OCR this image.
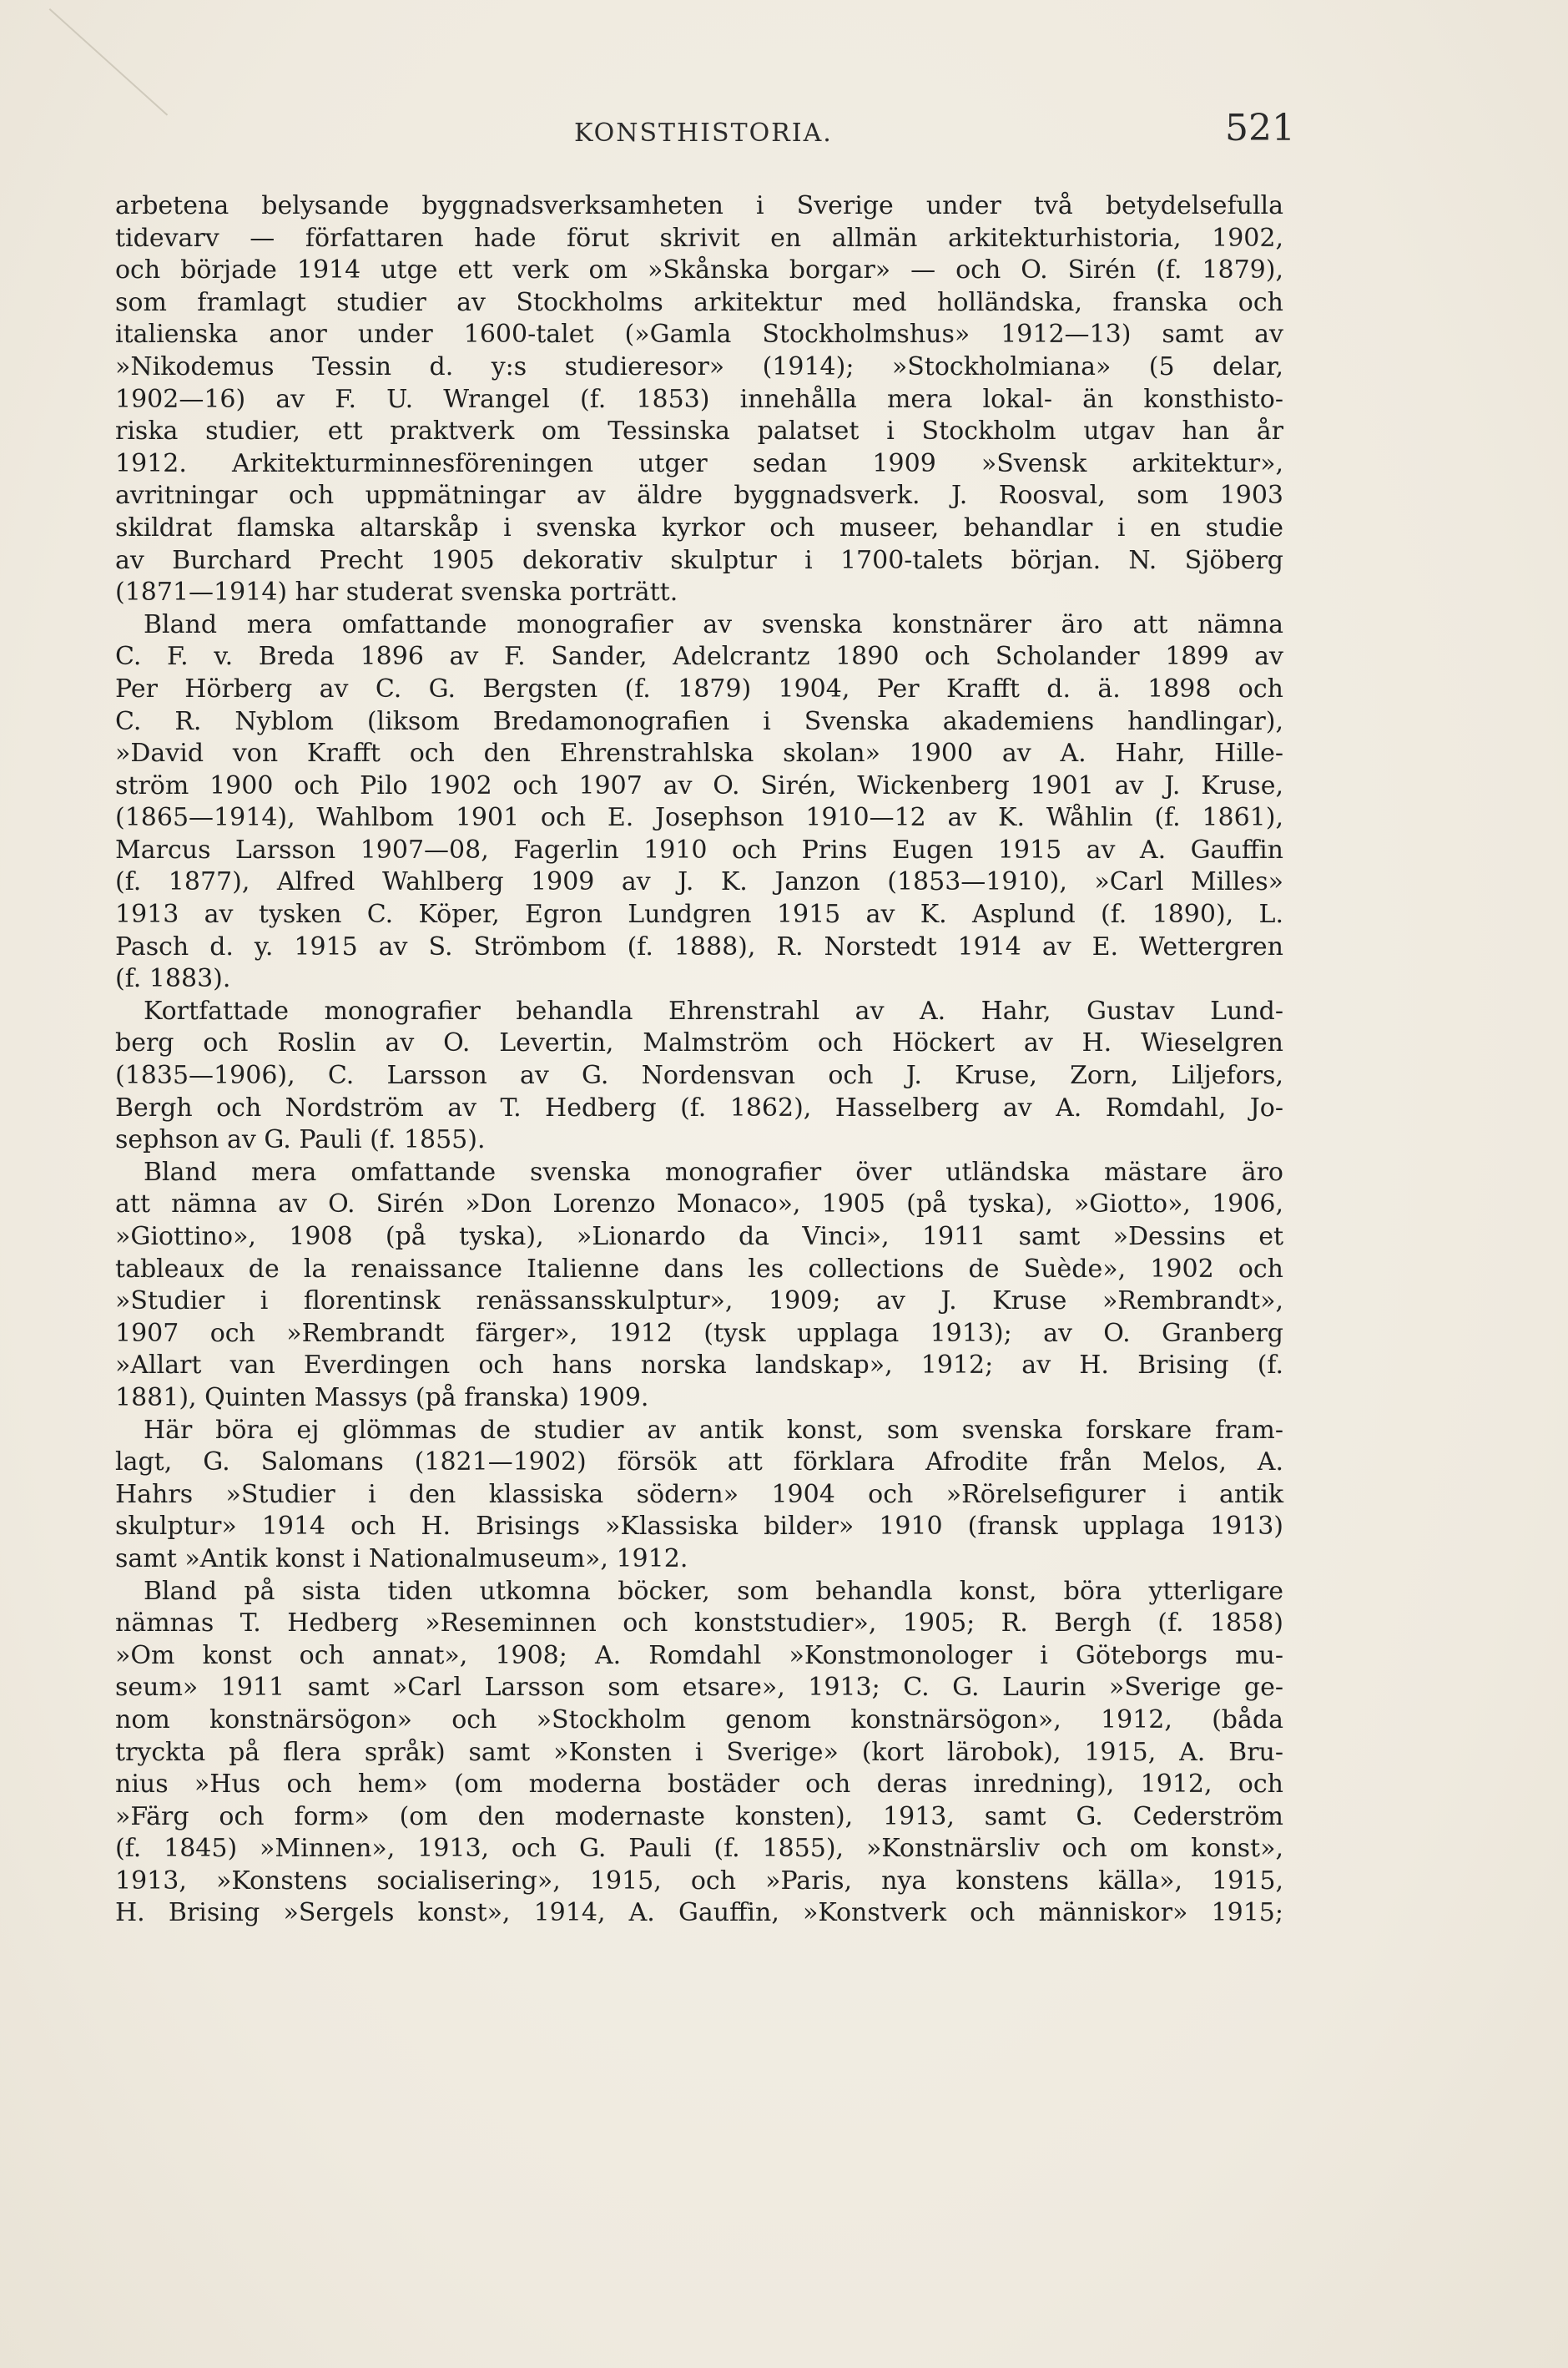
KONSTHISTORIA.	521
arbetena belysande byggnadsverksamheten i Sverige under två betydelsefulla
tidevarv — författaren hade förut skrivit en allmän arkitekturhistoria, 1902,
och började 1914 utge ett verk om »Skånska borgar» — och O. Sirén (f. 1879),
som framlagt studier av Stockholms arkitektur med holländska, franska och
italienska anor under 1600-talet (»Gamla Stockholmshus» 1912—13) samt av
»Nikodemus Tessin d. y:s studieresor» (1914); »Stockholmiana» (5 delar,
1902—16) av F. U. Wrangel (f. 1853) innehålla mera lokal- än konsthisto-
riska studier, ett praktverk om Tessinska palatset i Stockholm utgav han år
1912. Arkitekturminnesföreningen utger sedan 1909 »Svensk arkitektur»,
avritningar och uppmätningar av äldre byggnadsverk. J. Roosval, som 1903
skildrat flamska altarskåp i svenska kyrkor och museer, behandlar i en studie
av Burchard Precht 1905 dekorativ skulptur i 1700-talets början. N. Sjöberg
(1871—1914) har studerat svenska porträtt.
Bland mera omfattande monografier av svenska konstnärer äro att nämna
C. F. v. Breda 1896 av F. Sander, Adelcrantz 1890 och Scholander 1899 av
Per Hörberg av C. G. Bergsten (f. 1879) 1904, Per Krafft d. ä. 1898 och
C. R. Nyblom (liksom Bredamonografien i Svenska akademiens handlingar),
»David von Krafft och den Ehrenstrahlska skolan» 1900 av A. Hahr, Hille-
ström 1900 och Pilo 1902 och 1907 av O. Sirén, Wickenberg 1901 av J. Kruse,
(1865—1914), Wahlbom 1901 och E. Josephson 1910—12 av K. Wåhlin (f. 1861),
Marcus Larsson 1907—08, Fagerlin 1910 och Prins Eugen 1915 av A. Gauffin
(f. 1877), Alfred Wahlberg 1909 av J. K. Janzon (1853—1910), »Carl Milles»
1913 av tysken C. Köper, Egron Lundgren 1915 av K. Asplund (f. 1890), L.
Pasch d. y. 1915 av S. Strömbom (f. 1888), R. Norstedt 1914 av E. Wettergren
(f. 1883).
Kortfattade monografier behandla Ehrenstrahl av A. Hahr, Gustav Lund-
berg och Roslin av O. Levertin, Malmström och Höckert av H. Wieselgren
(1835—1906), C. Larsson av G. Nordensvan och J. Kruse, Zorn, Liljefors,
Bergh och Nordström av T. Hedberg (f. 1862), Hasselberg av A. Romdahl, Jo-
sephson av G. Pauli (f. 1855).
Bland mera omfattande svenska monografier över utländska mästare äro
att nämna av O. Sirén »Don Lorenzo Monaco», 1905 (på tyska), »Giotto», 1906,
»Giottino», 1908 (på tyska), »Lionardo da Vinci», 1911 samt »Dessins et
tableaux de la renaissance Italienne dans les collections de Suède», 1902 och
»Studier i florentinsk renässansskulptur», 1909; av J. Kruse »Rembrandt»,
1907 och »Rembrandt färger», 1912 (tysk upplaga 1913); av O. Granberg
»Allart van Everdingen och hans norska landskap», 1912; av H. Brising (f.
1881), Quinten Massys (på franska) 1909.
Här böra ej glömmas de studier av antik konst, som svenska forskare fram-
lagt, G. Salomans (1821—1902) försök att förklara Afrodite från Melos, A.
Hahrs »Studier i den klassiska södern» 1904 och »Rörelsefigurer i antik
skulptur» 1914 och H. Brisings »Klassiska bilder» 1910 (fransk upplaga 1913)
samt »Antik konst i Nationalmuseum», 1912.
Bland på sista tiden utkomna böcker, som behandla konst, böra ytterligare
nämnas T. Hedberg »Reseminnen och konststudier», 1905; R. Bergh (f. 1858)
»Om konst och annat», 1908; A. Romdahl »Konstmonologer i Göteborgs mu-
seum» 1911 samt »Carl Larsson som etsare», 1913; C. G. Laurin »Sverige ge-
nom konstnärsögon» och »Stockholm genom konstnärsögon», 1912, (båda
tryckta på flera språk) samt »Konsten i Sverige» (kort lärobok), 1915, A. Bru-
nius »Hus och hem» (om moderna bostäder och deras inredning), 1912, och
»Färg och form» (om den modernaste konsten), 1913, samt G. Cederström
(f. 1845) »Minnen», 1913, och G. Pauli (f. 1855), »Konstnärsliv och om konst»,
1913, »Konstens socialisering», 1915, och »Paris, nya konstens källa», 1915,
H. Brising »Sergels konst», 1914, A. Gauffin, »Konstverk och människor» 1915;
